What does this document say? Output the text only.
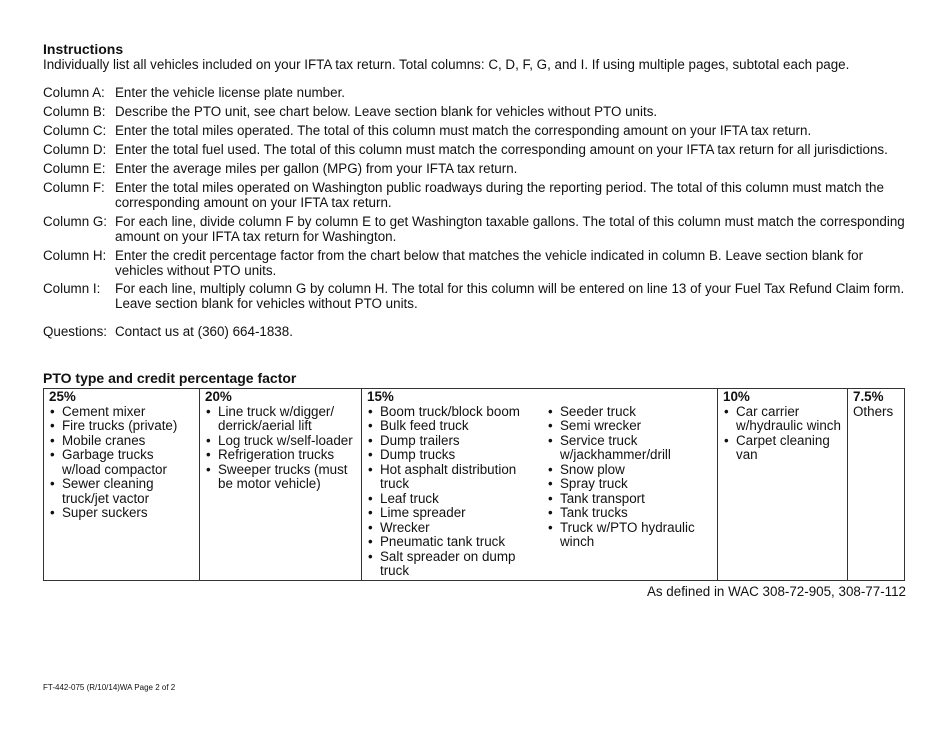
Instructions
Individually list all vehicles included on your IFTA tax return. Total columns: C, D, F, G, and I. If using multiple pages, subtotal each page.
Column A: Enter the vehicle license plate number.
Column B: Describe the PTO unit, see chart below. Leave section blank for vehicles without PTO units.
Column C: Enter the total miles operated. The total of this column must match the corresponding amount on your IFTA tax return.
Column D: Enter the total fuel used. The total of this column must match the corresponding amount on your IFTA tax return for all jurisdictions.
Column E: Enter the average miles per gallon (MPG) from your IFTA tax return.
Column F: Enter the total miles operated on Washington public roadways during the reporting period. The total of this column must match the corresponding amount on your IFTA tax return.
Column G: For each line, divide column F by column E to get Washington taxable gallons. The total of this column must match the corresponding amount on your IFTA tax return for Washington.
Column H: Enter the credit percentage factor from the chart below that matches the vehicle indicated in column B. Leave section blank for vehicles without PTO units.
Column I:	For each line, multiply column G by column H. The total for this column will be entered on line 13 of your Fuel Tax Refund Claim form. Leave section blank for vehicles without PTO units.
Questions: Contact us at (360) 664-1838.
PTO type and credit percentage factor
25%
• Cement mixer
• Fire trucks (private)
• Mobile cranes
• Garbage trucks w/load compactor
• Sewer cleaning truck/jet vactor
• Super suckers
20%
• Line truck w/digger/ derrick/aerial lift
• Log truck w/self-loader
• Refrigeration trucks
• Sweeper trucks (must be motor vehicle)
15%
• Boom truck/block boom
• Bulk feed truck
• Dump trailers
• Dump trucks
• Hot asphalt distribution truck
• Leaf truck
• Lime spreader
• Wrecker
• Pneumatic tank truck
• Salt spreader on dump truck
• Seeder truck
• Semi wrecker
• Service truck w/jackhammer/drill
• Snow plow
• Spray truck
• Tank transport
• Tank trucks
• Truck w/PTO hydraulic winch
10%
• Car carrier w/hydraulic winch
• Carpet cleaning van
7.5%
Others
As defined in WAC 308-72-905, 308-77-112
FT-442-075 (R/10/14)WA Page 2 of 2
